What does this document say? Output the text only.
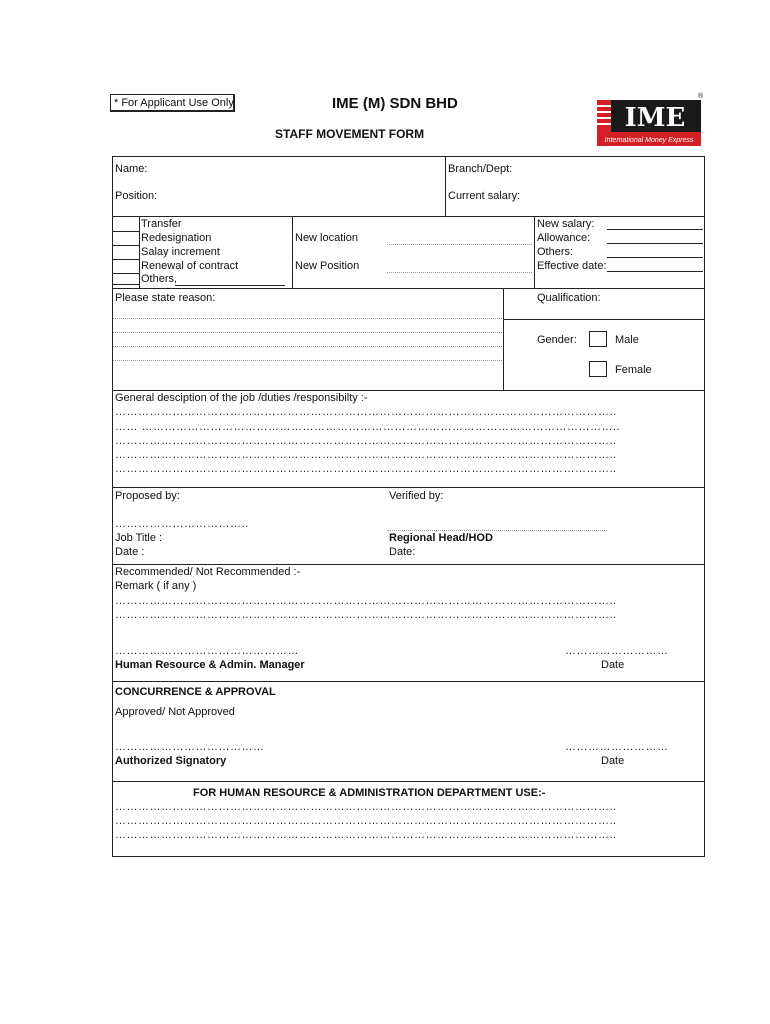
* For Applicant Use Only	IME (M) SDN BHD
STAFF MOVEMENT FORM
IME
International Money Express
®
Name:	Branch/Dept:
Position:	Current salary:
Transfer
Redesignation
Salay increment
Renewal of contract
Others,
New location
New Position
New salary:
Allowance:
Others:
Effective date:
Please state reason:	Qualification:
Gender:	Male
Female
General desciption of the job /duties /responsibilty :-
…………………………………………………………………………………………………………………..
…… ……………………………………………………………………………………………………………..
…………………………………………………………………………………………………………………..
…………………………………………………………………………………………………………………..
…………………………………………………………………………………………………………………..
Proposed by:	Verified by:
……………………………..
Job Title :	Regional Head/HOD
Date :	Date:
Recommended/ Not Recommended :-
Remark ( if any )
…………………………………………………………………………………………………………………..
…………………………………………………………………………………………………………………..
…………………………………………	………………………
Human Resource & Admin. Manager	Date
CONCURRENCE & APPROVAL
Approved/ Not Approved
…………………………………	………………………
Authorized Signatory	Date
FOR HUMAN RESOURCE & ADMINISTRATION DEPARTMENT USE:-
…………………………………………………………………………………………………………………..
…………………………………………………………………………………………………………………..
…………………………………………………………………………………………………………………..
